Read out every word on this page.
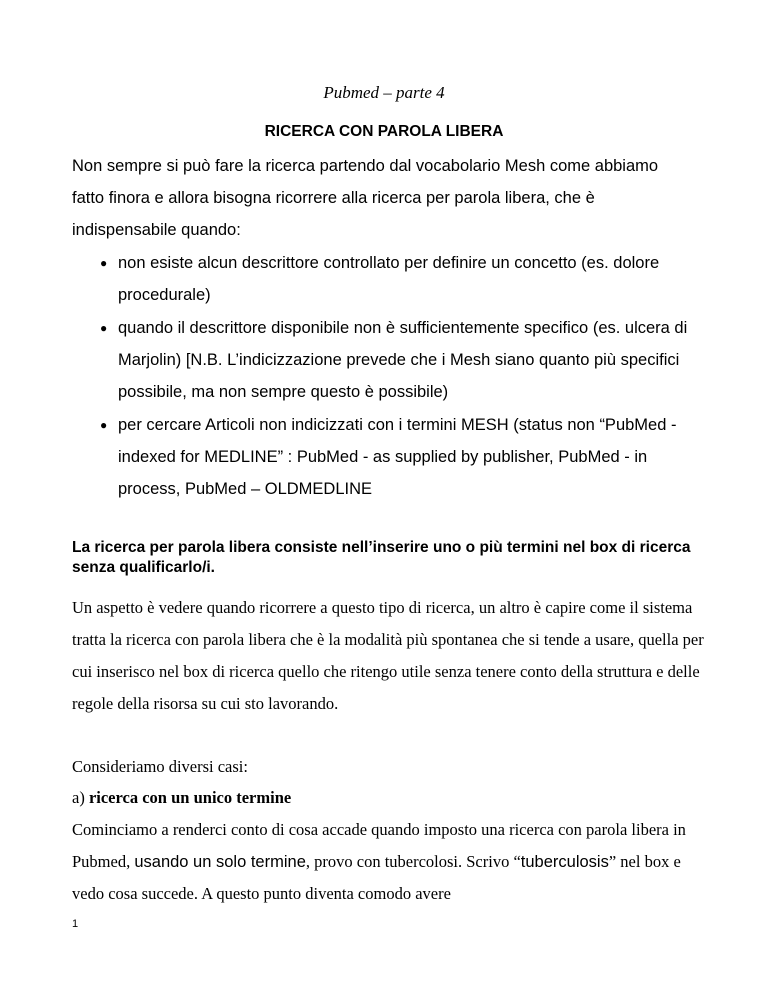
Pubmed – parte 4
RICERCA CON PAROLA LIBERA

Non sempre si può fare la ricerca partendo dal vocabolario Mesh come abbiamo fatto finora e allora bisogna ricorrere alla ricerca per parola libera, che è indispensabile quando:

● non esiste alcun descrittore controllato per definire un concetto (es. dolore procedurale)
● quando il descrittore disponibile non è sufficientemente specifico (es. ulcera di Marjolin) [N.B. L’indicizzazione prevede che i Mesh siano quanto più specifici possibile, ma non sempre questo è possibile)
● per cercare Articoli non indicizzati con i termini MESH (status non “PubMed - indexed for MEDLINE” : PubMed - as supplied by publisher, PubMed - in process, PubMed – OLDMEDLINE

La ricerca per parola libera consiste nell’inserire uno o più termini nel box di ricerca senza qualificarlo/i.

Un aspetto è vedere quando ricorrere a questo tipo di ricerca, un altro è capire come il sistema tratta la ricerca con parola libera che è la modalità più spontanea che si tende a usare, quella per cui inserisco nel box di ricerca quello che ritengo utile senza tenere conto della struttura e delle regole della risorsa su cui sto lavorando.

Consideriamo diversi casi:

a) ricerca con un unico termine

Cominciamo a renderci conto di cosa accade quando imposto una ricerca con parola libera in Pubmed, usando un solo termine, provo con tubercolosi. Scrivo “tuberculosis” nel box e vedo cosa succede. A questo punto diventa comodo avere

1
